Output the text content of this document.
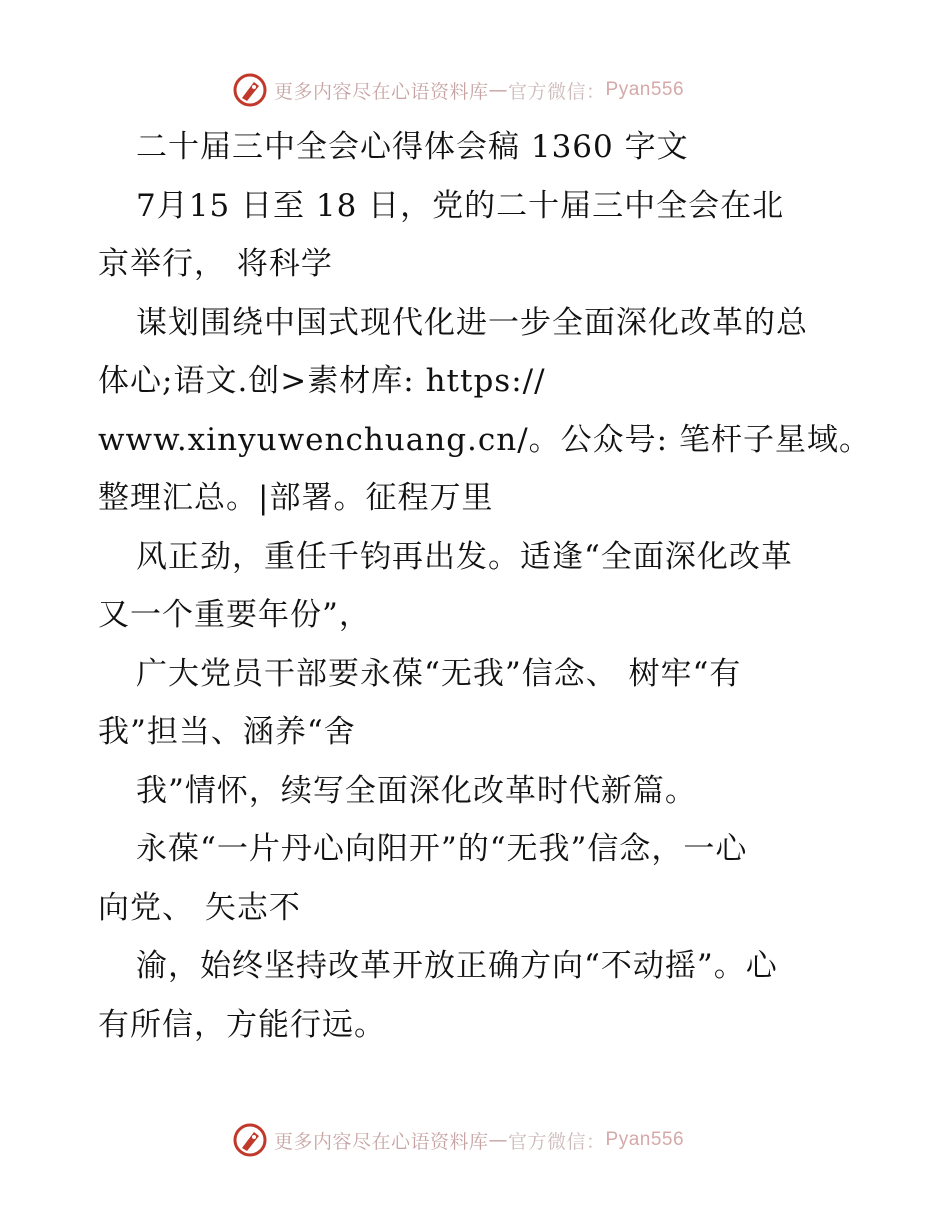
更多内容尽在心语资料库 — 官方微信： Pyan556

二十届三中全会心得体会稿 1360 字文

7月15 日至 18 日，党的二十届三中全会在北

京举行， 将科学

谋划围绕中国式现代化进一步全面深化改革的总

体心;语文.创>素材库: https://

www.xinyuwenchuang.cn/。公众号: 笔杆子星域。

整理汇总。|部署。征程万里

风正劲，重任千钧再出发。适逢“全面深化改革

又一个重要年份”，

广大党员干部要永葆“无我”信念、 树牢“有

我”担当、涵养“舍

我”情怀，续写全面深化改革时代新篇。

永葆“一片丹心向阳开”的“无我”信念，一心

向党、 矢志不

渝，始终坚持改革开放正确方向“不动摇”。心

有所信，方能行远。

更多内容尽在心语资料库 — 官方微信： Pyan556
